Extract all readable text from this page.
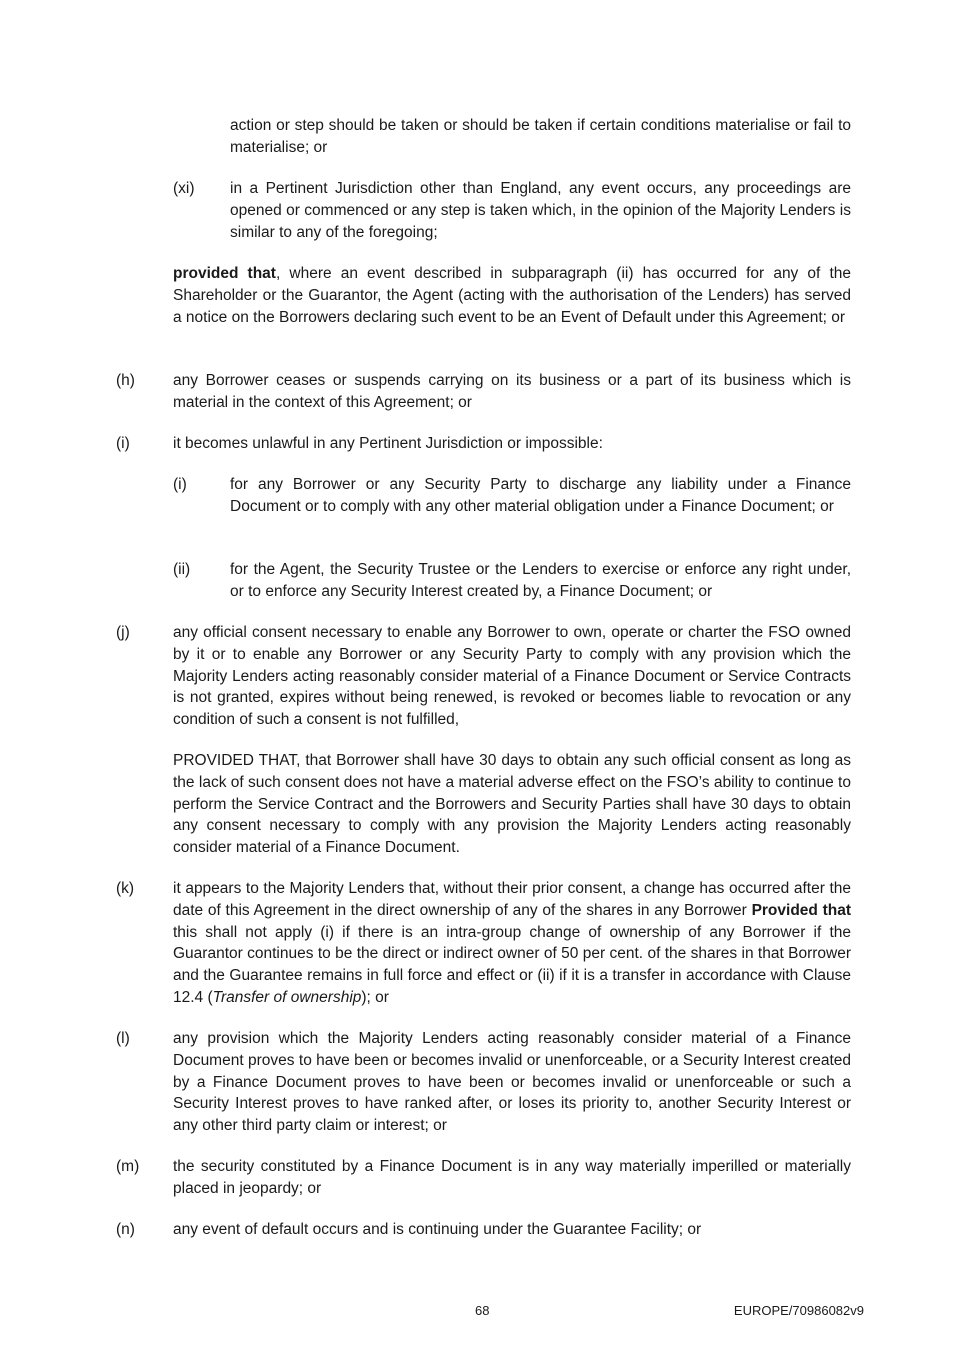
action or step should be taken or should be taken if certain conditions materialise or fail to materialise; or

(xi) in a Pertinent Jurisdiction other than England, any event occurs, any proceedings are opened or commenced or any step is taken which, in the opinion of the Majority Lenders is similar to any of the foregoing;

provided that, where an event described in subparagraph (ii) has occurred for any of the Shareholder or the Guarantor, the Agent (acting with the authorisation of the Lenders) has served a notice on the Borrowers declaring such event to be an Event of Default under this Agreement; or

(h) any Borrower ceases or suspends carrying on its business or a part of its business which is material in the context of this Agreement; or

(i)	it becomes unlawful in any Pertinent Jurisdiction or impossible:

(i)	for any Borrower or any Security Party to discharge any liability under a Finance Document or to comply with any other material obligation under a Finance Document; or

(ii)	for the Agent, the Security Trustee or the Lenders to exercise or enforce any right under, or to enforce any Security Interest created by, a Finance Document; or

(j)	any official consent necessary to enable any Borrower to own, operate or charter the FSO owned by it or to enable any Borrower or any Security Party to comply with any provision which the Majority Lenders acting reasonably consider material of a Finance Document or Service Contracts is not granted, expires without being renewed, is revoked or becomes liable to revocation or any condition of such a consent is not fulfilled,

PROVIDED THAT, that Borrower shall have 30 days to obtain any such official consent as long as the lack of such consent does not have a material adverse effect on the FSO’s ability to continue to perform the Service Contract and the Borrowers and Security Parties shall have 30 days to obtain any consent necessary to comply with any provision the Majority Lenders acting reasonably consider material of a Finance Document.

(k)	it appears to the Majority Lenders that, without their prior consent, a change has occurred after the date of this Agreement in the direct ownership of any of the shares in any Borrower Provided that this shall not apply (i) if there is an intra-group change of ownership of any Borrower if the Guarantor continues to be the direct or indirect owner of 50 per cent. of the shares in that Borrower and the Guarantee remains in full force and effect or (ii) if it is a transfer in accordance with Clause 12.4 (Transfer of ownership); or

(l)	any provision which the Majority Lenders acting reasonably consider material of a Finance Document proves to have been or becomes invalid or unenforceable, or a Security Interest created by a Finance Document proves to have been or becomes invalid or unenforceable or such a Security Interest proves to have ranked after, or loses its priority to, another Security Interest or any other third party claim or interest; or

(m) the security constituted by a Finance Document is in any way materially imperilled or materially placed in jeopardy; or

(n) any event of default occurs and is continuing under the Guarantee Facility; or

68	EUROPE/70986082v9
